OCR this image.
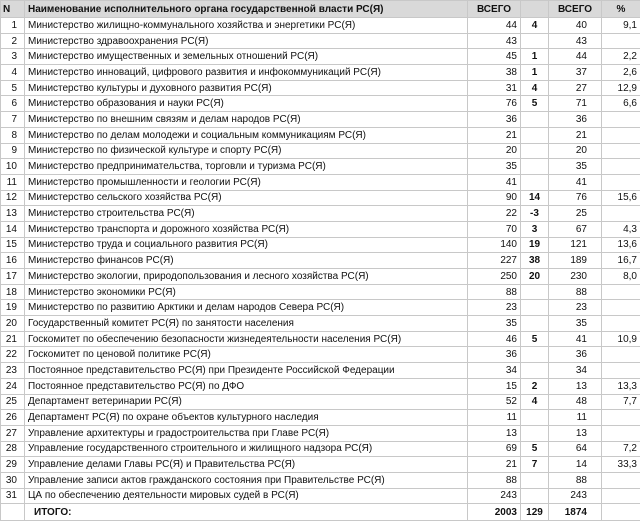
N	Наименование исполнительного органа государственной власти РС(Я)	ВСЕГО		ВСЕГО	%
1	Министерство жилищно-коммунального хозяйства и энергетики РС(Я)	44	4	40	9,1
2	Министерство здравоохранения РС(Я)	43		43	
3	Министерство имущественных и земельных отношений РС(Я)	45	1	44	2,2
4	Министерство инноваций, цифрового развития и инфокоммуникаций РС(Я)	38	1	37	2,6
5	Министерство культуры и духовного развития РС(Я)	31	4	27	12,9
6	Министерство образования и науки РС(Я)	76	5	71	6,6
7	Министерство по внешним связям и делам народов РС(Я)	36		36	
8	Министерство по делам молодежи и социальным коммуникациям РС(Я)	21		21	
9	Министерство по физической культуре и спорту РС(Я)	20		20	
10	Министерство предпринимательства, торговли и туризма РС(Я)	35		35	
11	Министерство промышленности и геологии РС(Я)	41		41	
12	Министерство сельского хозяйства РС(Я)	90	14	76	15,6
13	Министерство строительства РС(Я)	22	-3	25	
14	Министерство транспорта и дорожного хозяйства РС(Я)	70	3	67	4,3
15	Министерство труда и социального развития РС(Я)	140	19	121	13,6
16	Министерство финансов РС(Я)	227	38	189	16,7
17	Министерство экологии, природопользования и лесного хозяйства РС(Я)	250	20	230	8,0
18	Министерство экономики РС(Я)	88		88	
19	Министерство по развитию Арктики и делам народов Севера РС(Я)	23		23	
20	Государственный комитет РС(Я) по занятости населения	35		35	
21	Госкомитет по обеспечению безопасности жизнедеятельности населения РС(Я)	46	5	41	10,9
22	Госкомитет по ценовой политике РС(Я)	36		36	
23	Постоянное представительство РС(Я) при Президенте Российской Федерации	34		34	
24	Постоянное представительство РС(Я) по ДФО	15	2	13	13,3
25	Департамент ветеринарии РС(Я)	52	4	48	7,7
26	Департамент РС(Я) по охране объектов культурного наследия	11		11	
27	Управление архитектуры и градостроительства при Главе РС(Я)	13		13	
28	Управление государственного строительного и жилищного надзора РС(Я)	69	5	64	7,2
29	Управление делами Главы РС(Я) и Правительства РС(Я)	21	7	14	33,3
30	Управление записи актов гражданского состояния при Правительстве РС(Я)	88		88	
31	ЦА по обеспечению деятельности мировых судей в РС(Я)	243		243	
	ИТОГО:	2003	129	1874	
